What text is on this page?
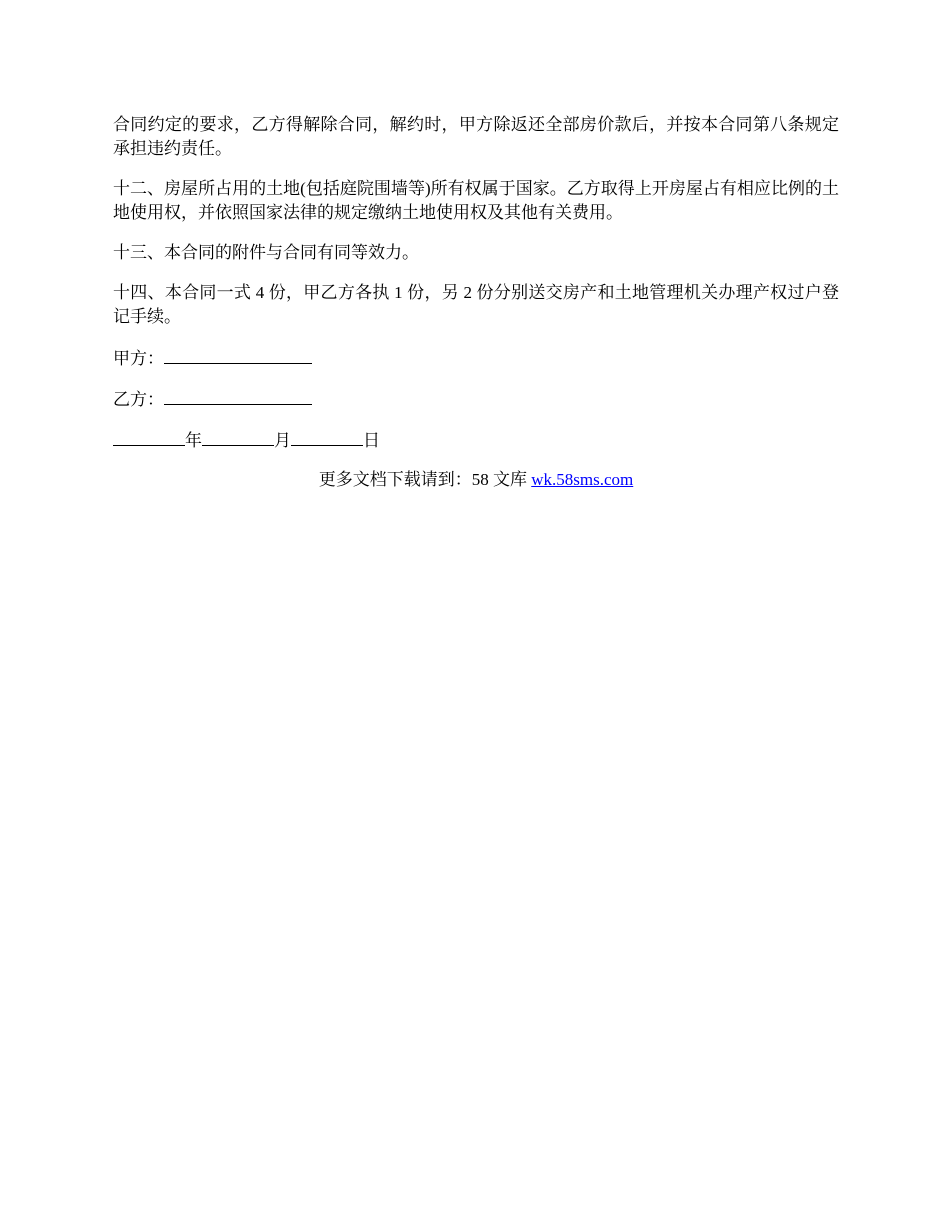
合同约定的要求，乙方得解除合同，解约时，甲方除返还全部房价款后，并按本合同第八条规定承担违约责任。

十二、房屋所占用的土地(包括庭院围墙等)所有权属于国家。乙方取得上开房屋占有相应比例的土地使用权，并依照国家法律的规定缴纳土地使用权及其他有关费用。

十三、本合同的附件与合同有同等效力。

十四、本合同一式 4 份，甲乙方各执 1 份，另 2 份分别送交房产和土地管理机关办理产权过户登记手续。

甲方：
乙方：
年	月	日
更多文档下载请到：58 文库 wk.58sms.com
